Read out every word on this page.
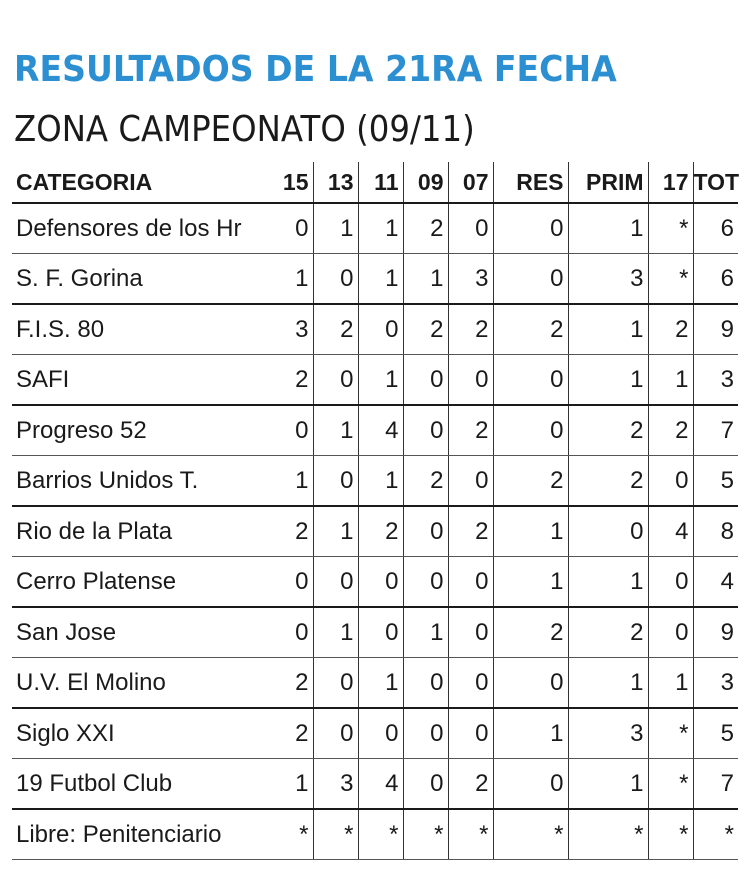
RESULTADOS DE LA 21RA FECHA
ZONA CAMPEONATO (09/11)
CATEGORIA	15	13	11	09	07	RES	PRIM	17	TOT
Defensores de los Hr	0	1	1	2	0	0	1	*	6
S. F. Gorina	1	0	1	1	3	0	3	*	6
F.I.S. 80	3	2	0	2	2	2	1	2	9
SAFI	2	0	1	0	0	0	1	1	3
Progreso 52	0	1	4	0	2	0	2	2	7
Barrios Unidos T.	1	0	1	2	0	2	2	0	5
Rio de la Plata	2	1	2	0	2	1	0	4	8
Cerro Platense	0	0	0	0	0	1	1	0	4
San Jose	0	1	0	1	0	2	2	0	9
U.V. El Molino	2	0	1	0	0	0	1	1	3
Siglo XXI	2	0	0	0	0	1	3	*	5
19 Futbol Club	1	3	4	0	2	0	1	*	7
Libre: Penitenciario	*	*	*	*	*	*	*	*	*
